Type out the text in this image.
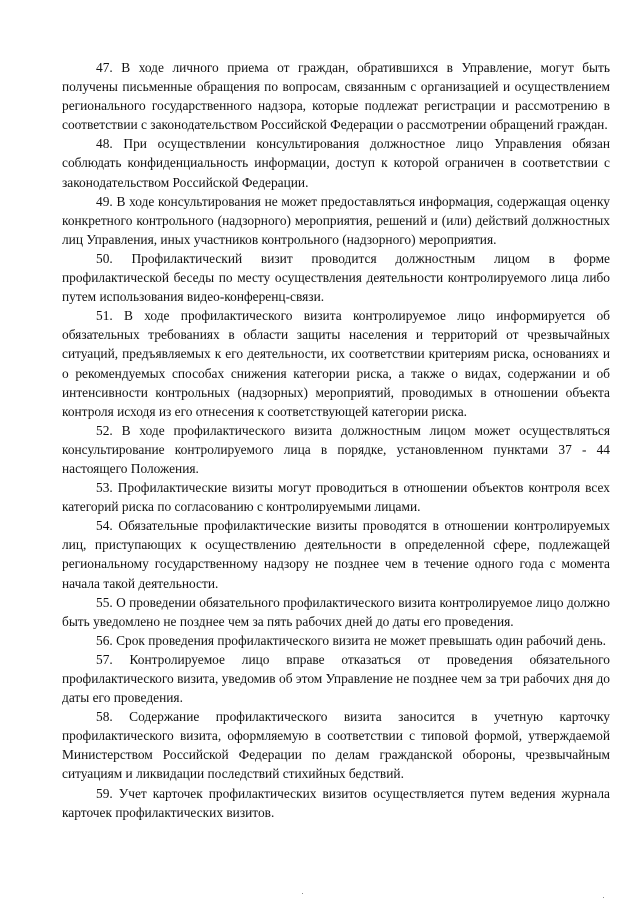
47. В ходе личного приема от граждан, обратившихся в Управление, могут быть получены письменные обращения по вопросам, связанным с организацией и осуществлением регионального государственного надзора, которые подлежат регистрации и рассмотрению в соответствии с законодательством Российской Федерации о рассмотрении обращений граждан.

48. При осуществлении консультирования должностное лицо Управления обязан соблюдать конфиденциальность информации, доступ к которой ограничен в соответствии с законодательством Российской Федерации.

49. В ходе консультирования не может предоставляться информация, содержащая оценку конкретного контрольного (надзорного) мероприятия, решений и (или) действий должностных лиц Управления, иных участников контрольного (надзорного) мероприятия.

50. Профилактический визит проводится должностным лицом в форме профилактической беседы по месту осуществления деятельности контролируемого лица либо путем использования видео-конференц-связи.

51. В ходе профилактического визита контролируемое лицо информируется об обязательных требованиях в области защиты населения и территорий от чрезвычайных ситуаций, предъявляемых к его деятельности, их соответствии критериям риска, основаниях и о рекомендуемых способах снижения категории риска, а также о видах, содержании и об интенсивности контрольных (надзорных) мероприятий, проводимых в отношении объекта контроля исходя из его отнесения к соответствующей категории риска.

52. В ходе профилактического визита должностным лицом может осуществляться консультирование контролируемого лица в порядке, установленном пунктами 37 - 44 настоящего Положения.

53. Профилактические визиты могут проводиться в отношении объектов контроля всех категорий риска по согласованию с контролируемыми лицами.

54. Обязательные профилактические визиты проводятся в отношении контролируемых лиц, приступающих к осуществлению деятельности в определенной сфере, подлежащей региональному государственному надзору не позднее чем в течение одного года с момента начала такой деятельности.

55. О проведении обязательного профилактического визита контролируемое лицо должно быть уведомлено не позднее чем за пять рабочих дней до даты его проведения.

56. Срок проведения профилактического визита не может превышать один рабочий день.

57. Контролируемое лицо вправе отказаться от проведения обязательного профилактического визита, уведомив об этом Управление не позднее чем за три рабочих дня до даты его проведения.

58. Содержание профилактического визита заносится в учетную карточку профилактического визита, оформляемую в соответствии с типовой формой, утверждаемой Министерством Российской Федерации по делам гражданской обороны, чрезвычайным ситуациям и ликвидации последствий стихийных бедствий.

59. Учет карточек профилактических визитов осуществляется путем ведения журнала карточек профилактических визитов.
